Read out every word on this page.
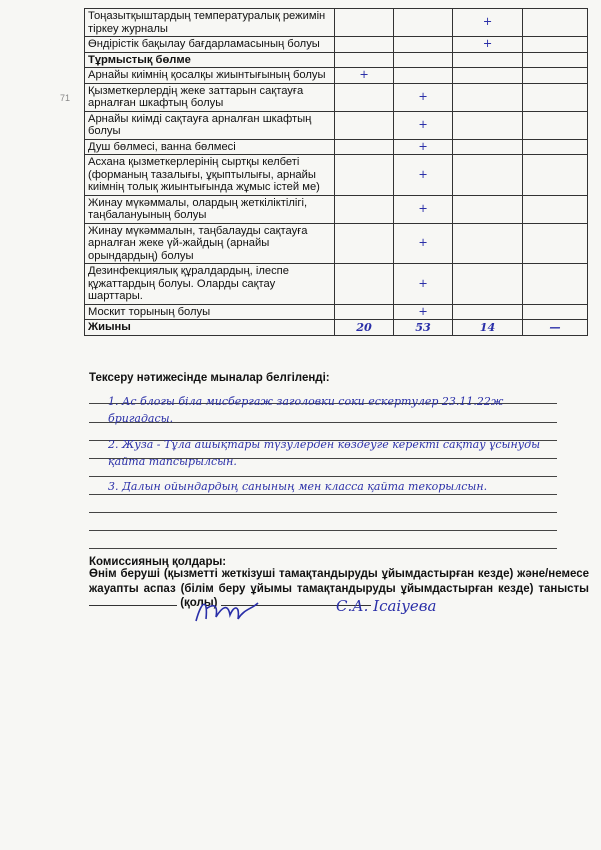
71
Тоңазытқыштардың температуралық режимін тіркеу журналы			+	
Өндірістік бақылау бағдарламасының болуы			+	
Тұрмыстық бөлме				
Арнайы киімнің қосалқы жиынтығының болуы	+			
Қызметкерлердің жеке заттарын сақтауға арналған шкафтың болуы		+		
Арнайы киімді сақтауға арналған шкафтың болуы		+		
Душ бөлмесі, ванна бөлмесі		+		
Асхана қызметкерлерінің сыртқы келбеті (форманың тазалығы, ұқыптылығы, арнайы киімнің толық жиынтығында жұмыс істей ме)		+		
Жинау мүкәммалы, олардың жеткіліктілігі, таңбалануының болуы		+		
Жинау мүкәммалын, таңбалауды сақтауға арналған жеке үй-жайдың (арнайы орындардың) болуы		+		
Дезинфекциялық құралдардың, ілеспе құжаттардың болуы. Оларды сақтау шарттары.		+		
Москит торының болуы		+		
Жиыны	20	53	14	—
Тексеру нәтижесінде мыналар белгіленді:
1. Ас блогы біла мисбергаж заголовки соки ескертулер 23.11.22ж бригадасы.
2. Жуза - Тұла ашықтары түзулерден көздеуге керекті сақтау ұсынуды қайта тапсырылсын.
3. Далын ойындардың санының мен класса қайта текорылсын.
Комиссияның қолдары:
Өнім беруші (қызметті жеткізуші тамақтандыруды ұйымдастырған кезде) және/немесе жауапты аспаз (білім беру ұйымы тамақтандыруды ұйымдастырған кезде) танысты  (қолы)	С.А. Ісаіуева
